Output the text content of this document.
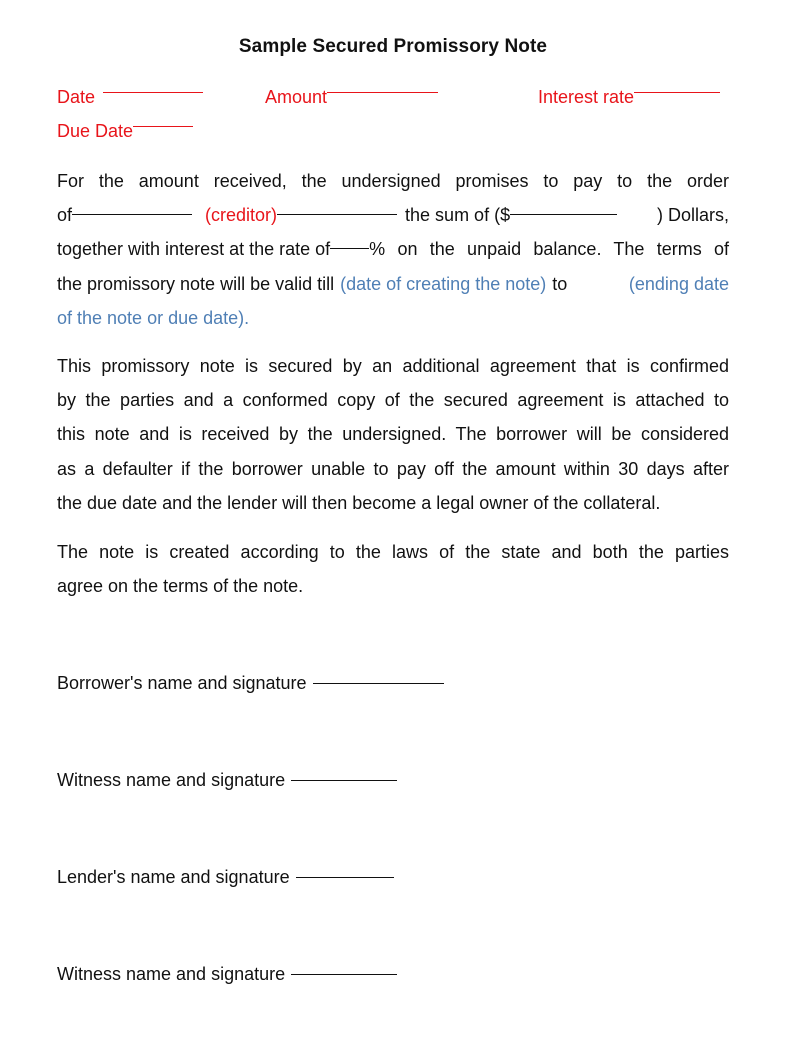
Sample Secured Promissory Note
Date	Amount	Interest rate
Due Date
For the amount received, the undersigned promises to pay to the order
of	(creditor)	the sum of ($	) Dollars,
together with interest at the rate of % on the unpaid balance. The terms of
the promissory note will be valid till (date of creating the note) to	(ending date
of the note or due date).
This promissory note is secured by an additional agreement that is confirmed
by the parties and a conformed copy of the secured agreement is attached to
this note and is received by the undersigned. The borrower will be considered
as a defaulter if the borrower unable to pay off the amount within 30 days after
the due date and the lender will then become a legal owner of the collateral.
The note is created according to the laws of the state and both the parties
agree on the terms of the note.
Borrower's name and signature
Witness name and signature
Lender's name and signature
Witness name and signature
